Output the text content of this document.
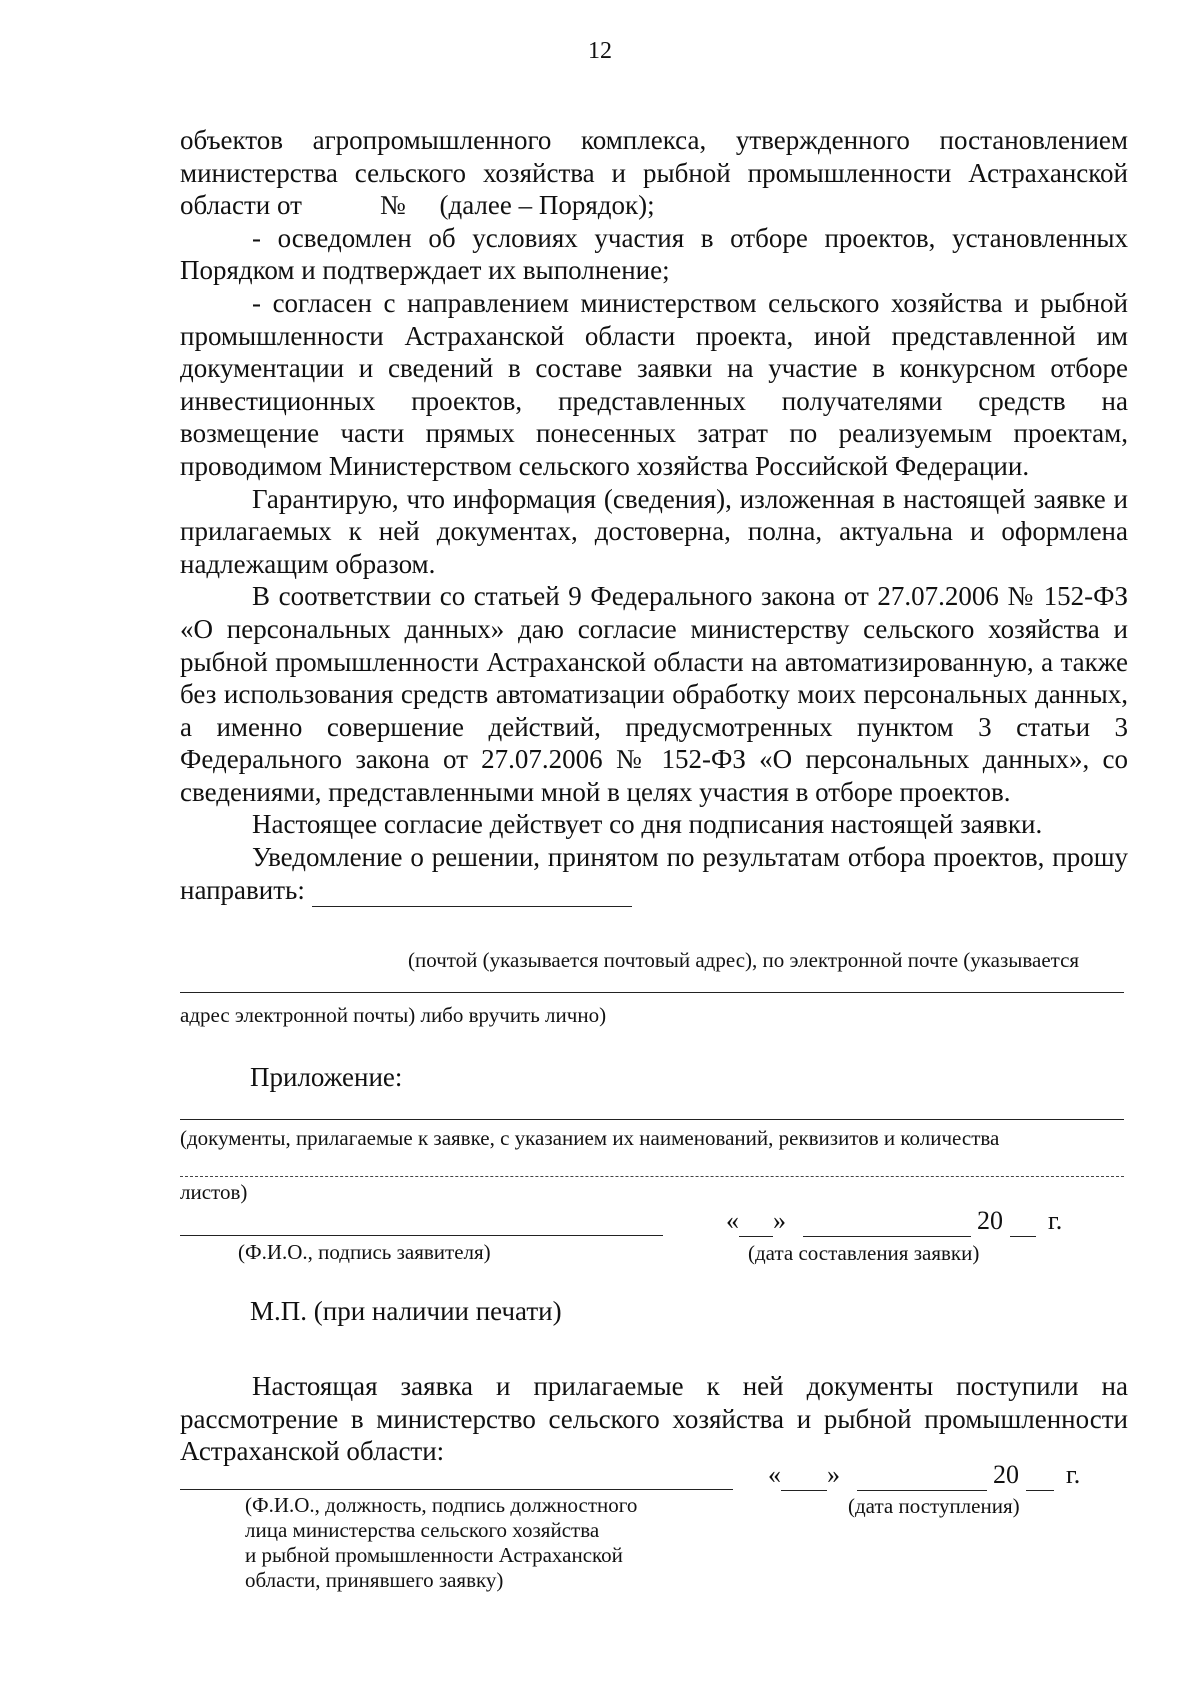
12

объектов агропромышленного комплекса, утвержденного постановлением министерства сельского хозяйства и рыбной промышленности Астраханской области от	№ (далее – Порядок);

- осведомлен об условиях участия в отборе проектов, установленных Порядком и подтверждает их выполнение;

- согласен с направлением министерством сельского хозяйства и рыбной промышленности Астраханской области проекта, иной представленной им документации и сведений в составе заявки на участие в конкурсном отборе инвестиционных проектов, представленных получателями средств на возмещение части прямых понесенных затрат по реализуемым проектам, проводимом Министерством сельского хозяйства Российской Федерации.

Гарантирую, что информация (сведения), изложенная в настоящей заявке и прилагаемых к ней документах, достоверна, полна, актуальна и оформлена надлежащим образом.

В соответствии со статьей 9 Федерального закона от 27.07.2006 № 152-ФЗ «О персональных данных» даю согласие министерству сельского хозяйства и рыбной промышленности Астраханской области на автоматизированную, а также без использования средств автоматизации обработку моих персональных данных, а именно совершение действий, предусмотренных пунктом 3 статьи 3 Федерального закона от 27.07.2006 № 152-ФЗ «О персональных данных», со сведениями, представленными мной в целях участия в отборе проектов.

Настоящее согласие действует со дня подписания настоящей заявки.

Уведомление о решении, принятом по результатам отбора проектов, прошу направить:

(почтой (указывается почтовый адрес), по электронной почте (указывается
адрес электронной почты) либо вручить лично)
Приложение:
(документы, прилагаемые к заявке, с указанием их наименований, реквизитов и количества
листов)
(Ф.И.О., подпись заявителя)
« »	20 г.
(дата составления заявки)
М.П. (при наличии печати)
Настоящая заявка и прилагаемые к ней документы поступили на рассмотрение в министерство сельского хозяйства и рыбной промышленности Астраханской области:
(Ф.И.О., должность, подпись должностного
лица министерства сельского хозяйства
и рыбной промышленности Астраханской
области, принявшего заявку)
« »	20 г.
(дата поступления)
